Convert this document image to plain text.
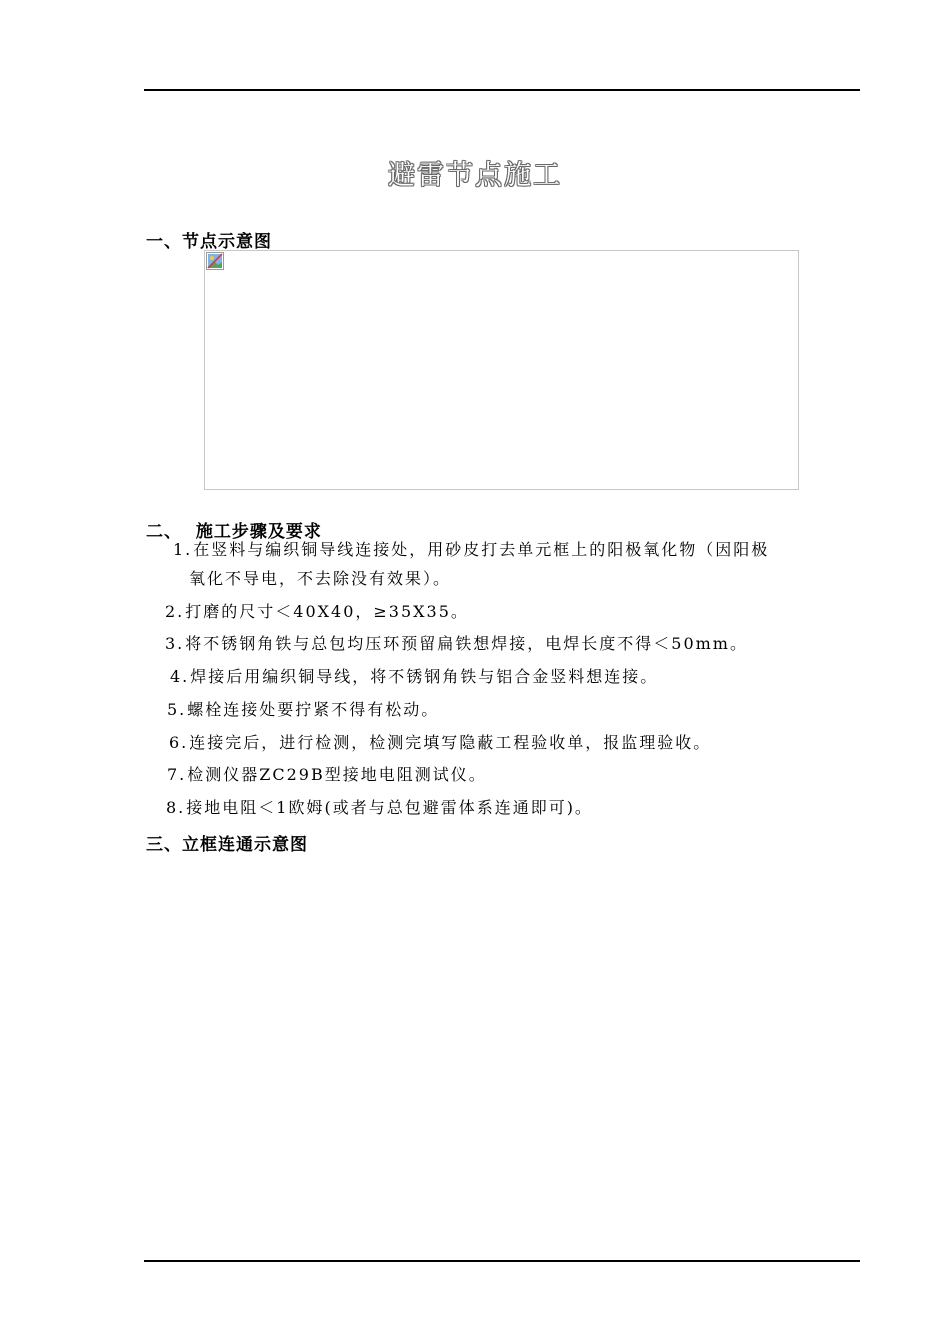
避雷节点施工
一、节点示意图
二、  施工步骤及要求
1.在竖料与编织铜导线连接处，用砂皮打去单元框上的阳极氧化物（因阳极
氧化不导电，不去除没有效果）。
2.打磨的尺寸＜40X40，≥35X35。
3.将不锈钢角铁与总包均压环预留扁铁想焊接，电焊长度不得＜50mm。
4.焊接后用编织铜导线，将不锈钢角铁与铝合金竖料想连接。
5.螺栓连接处要拧紧不得有松动。
6.连接完后，进行检测，检测完填写隐蔽工程验收单，报监理验收。
7.检测仪器ZC29B型接地电阻测试仪。
8.接地电阻＜1欧姆(或者与总包避雷体系连通即可)。
三、立框连通示意图
